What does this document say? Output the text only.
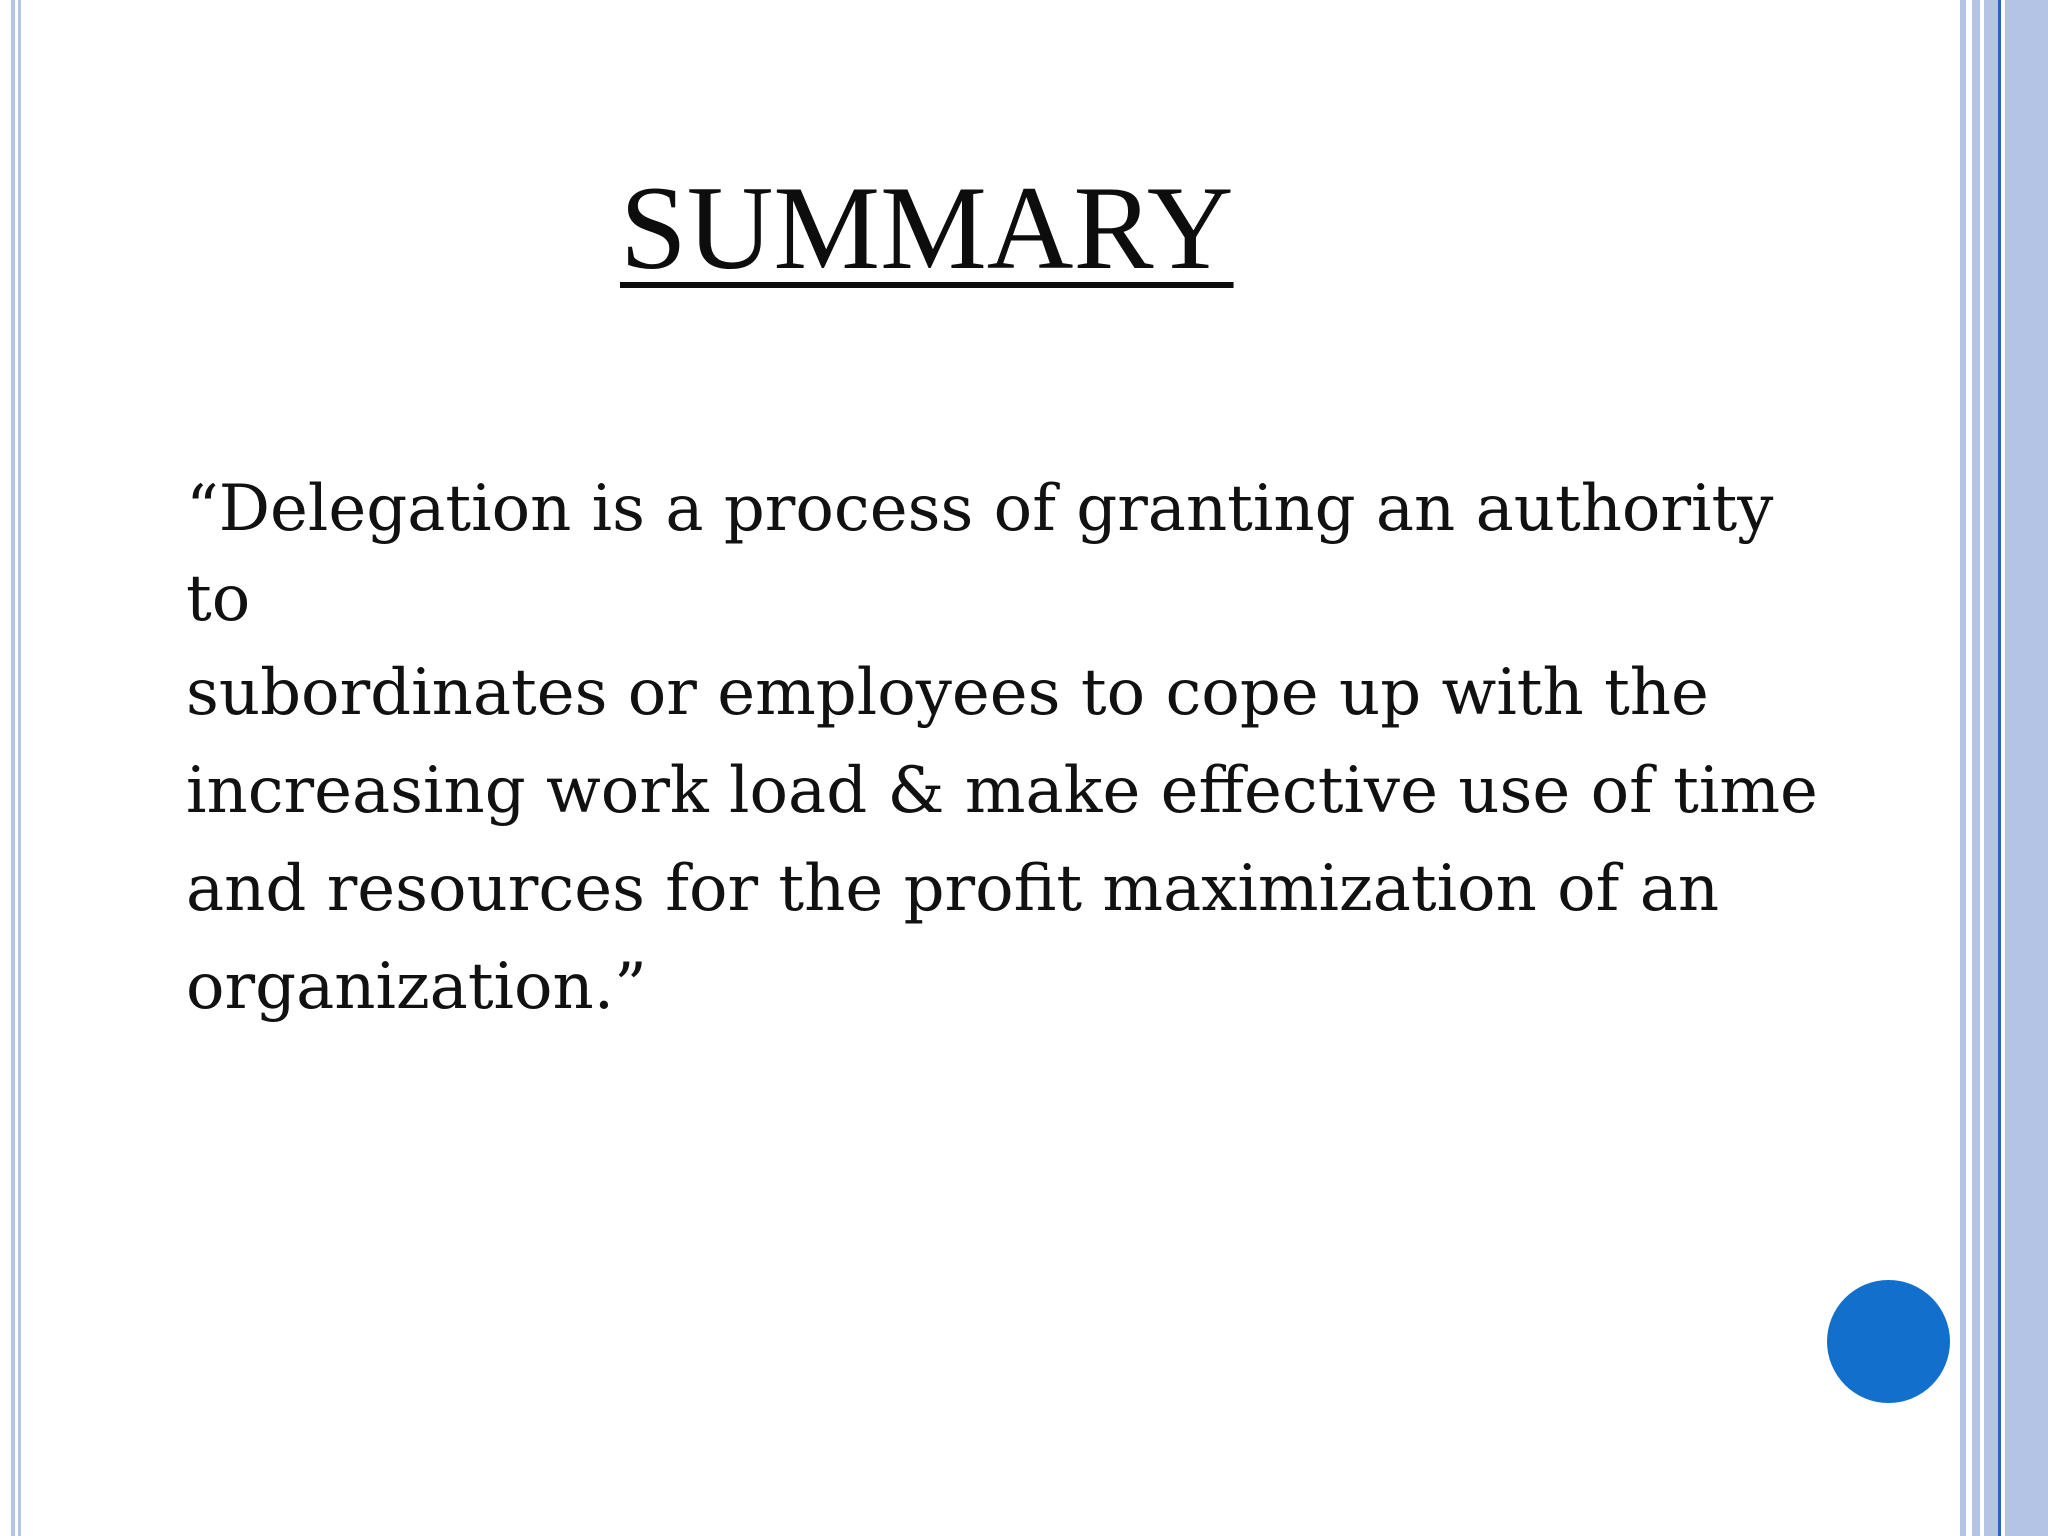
SUMMARY
“Delegation is a process of granting an authority
to
subordinates or employees to cope up with the
increasing work load & make effective use of time
and resources for the profit maximization of an
organization.”
